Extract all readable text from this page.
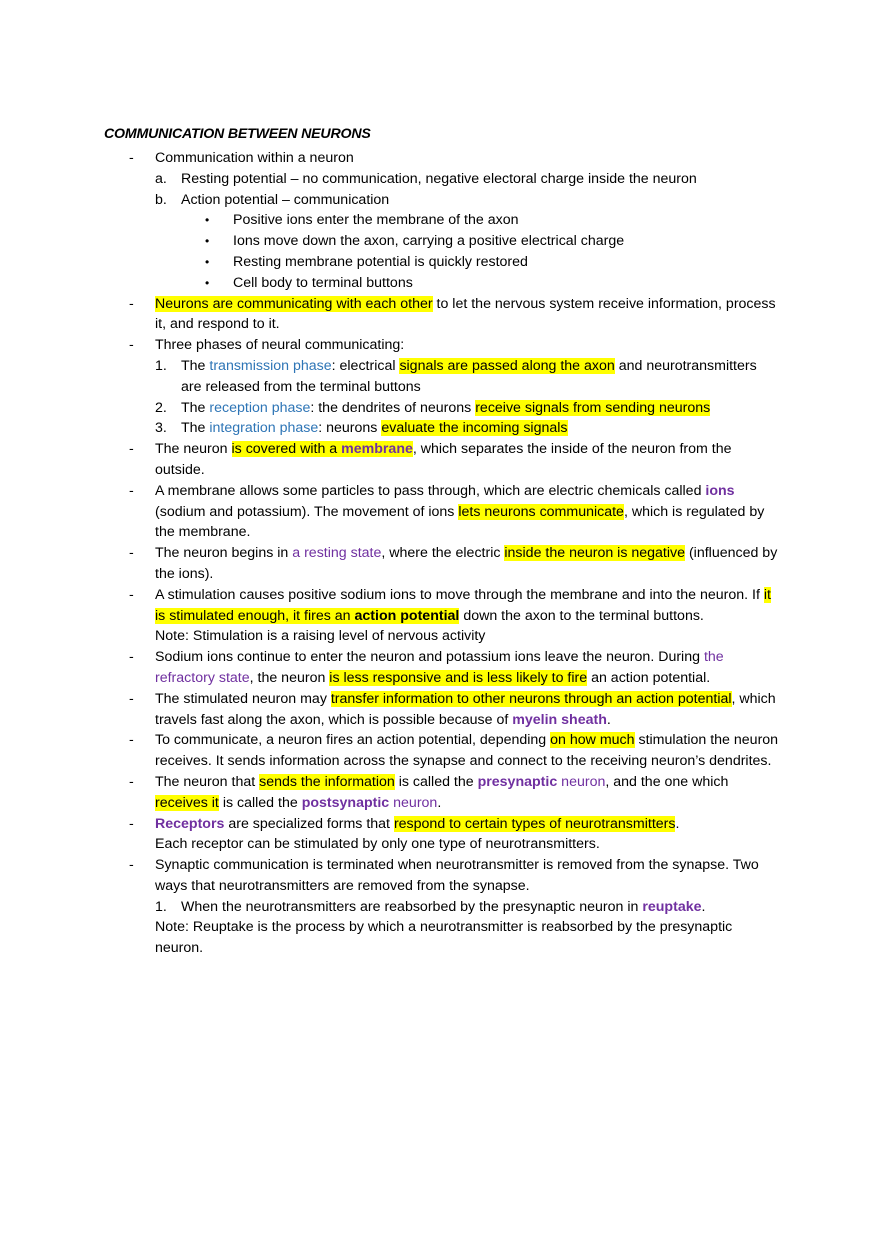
COMMUNICATION BETWEEN NEURONS
- Communication within a neuron
a. Resting potential – no communication, negative electoral charge inside the neuron
b. Action potential – communication
• Positive ions enter the membrane of the axon
• Ions move down the axon, carrying a positive electrical charge
• Resting membrane potential is quickly restored
• Cell body to terminal buttons
- Neurons are communicating with each other to let the nervous system receive information, process it, and respond to it.
- Three phases of neural communicating:
1. The transmission phase: electrical signals are passed along the axon and neurotransmitters are released from the terminal buttons
2. The reception phase: the dendrites of neurons receive signals from sending neurons
3. The integration phase: neurons evaluate the incoming signals
- The neuron is covered with a membrane, which separates the inside of the neuron from the outside.
- A membrane allows some particles to pass through, which are electric chemicals called ions (sodium and potassium). The movement of ions lets neurons communicate, which is regulated by the membrane.
- The neuron begins in a resting state, where the electric inside the neuron is negative (influenced by the ions).
- A stimulation causes positive sodium ions to move through the membrane and into the neuron. If it is stimulated enough, it fires an action potential down the axon to the terminal buttons.
Note: Stimulation is a raising level of nervous activity
- Sodium ions continue to enter the neuron and potassium ions leave the neuron. During the refractory state, the neuron is less responsive and is less likely to fire an action potential.
- The stimulated neuron may transfer information to other neurons through an action potential, which travels fast along the axon, which is possible because of myelin sheath.
- To communicate, a neuron fires an action potential, depending on how much stimulation the neuron receives. It sends information across the synapse and connect to the receiving neuron’s dendrites.
- The neuron that sends the information is called the presynaptic neuron, and the one which receives it is called the postsynaptic neuron.
- Receptors are specialized forms that respond to certain types of neurotransmitters.
Each receptor can be stimulated by only one type of neurotransmitters.
- Synaptic communication is terminated when neurotransmitter is removed from the synapse. Two ways that neurotransmitters are removed from the synapse.
1. When the neurotransmitters are reabsorbed by the presynaptic neuron in reuptake.
Note: Reuptake is the process by which a neurotransmitter is reabsorbed by the presynaptic neuron.
